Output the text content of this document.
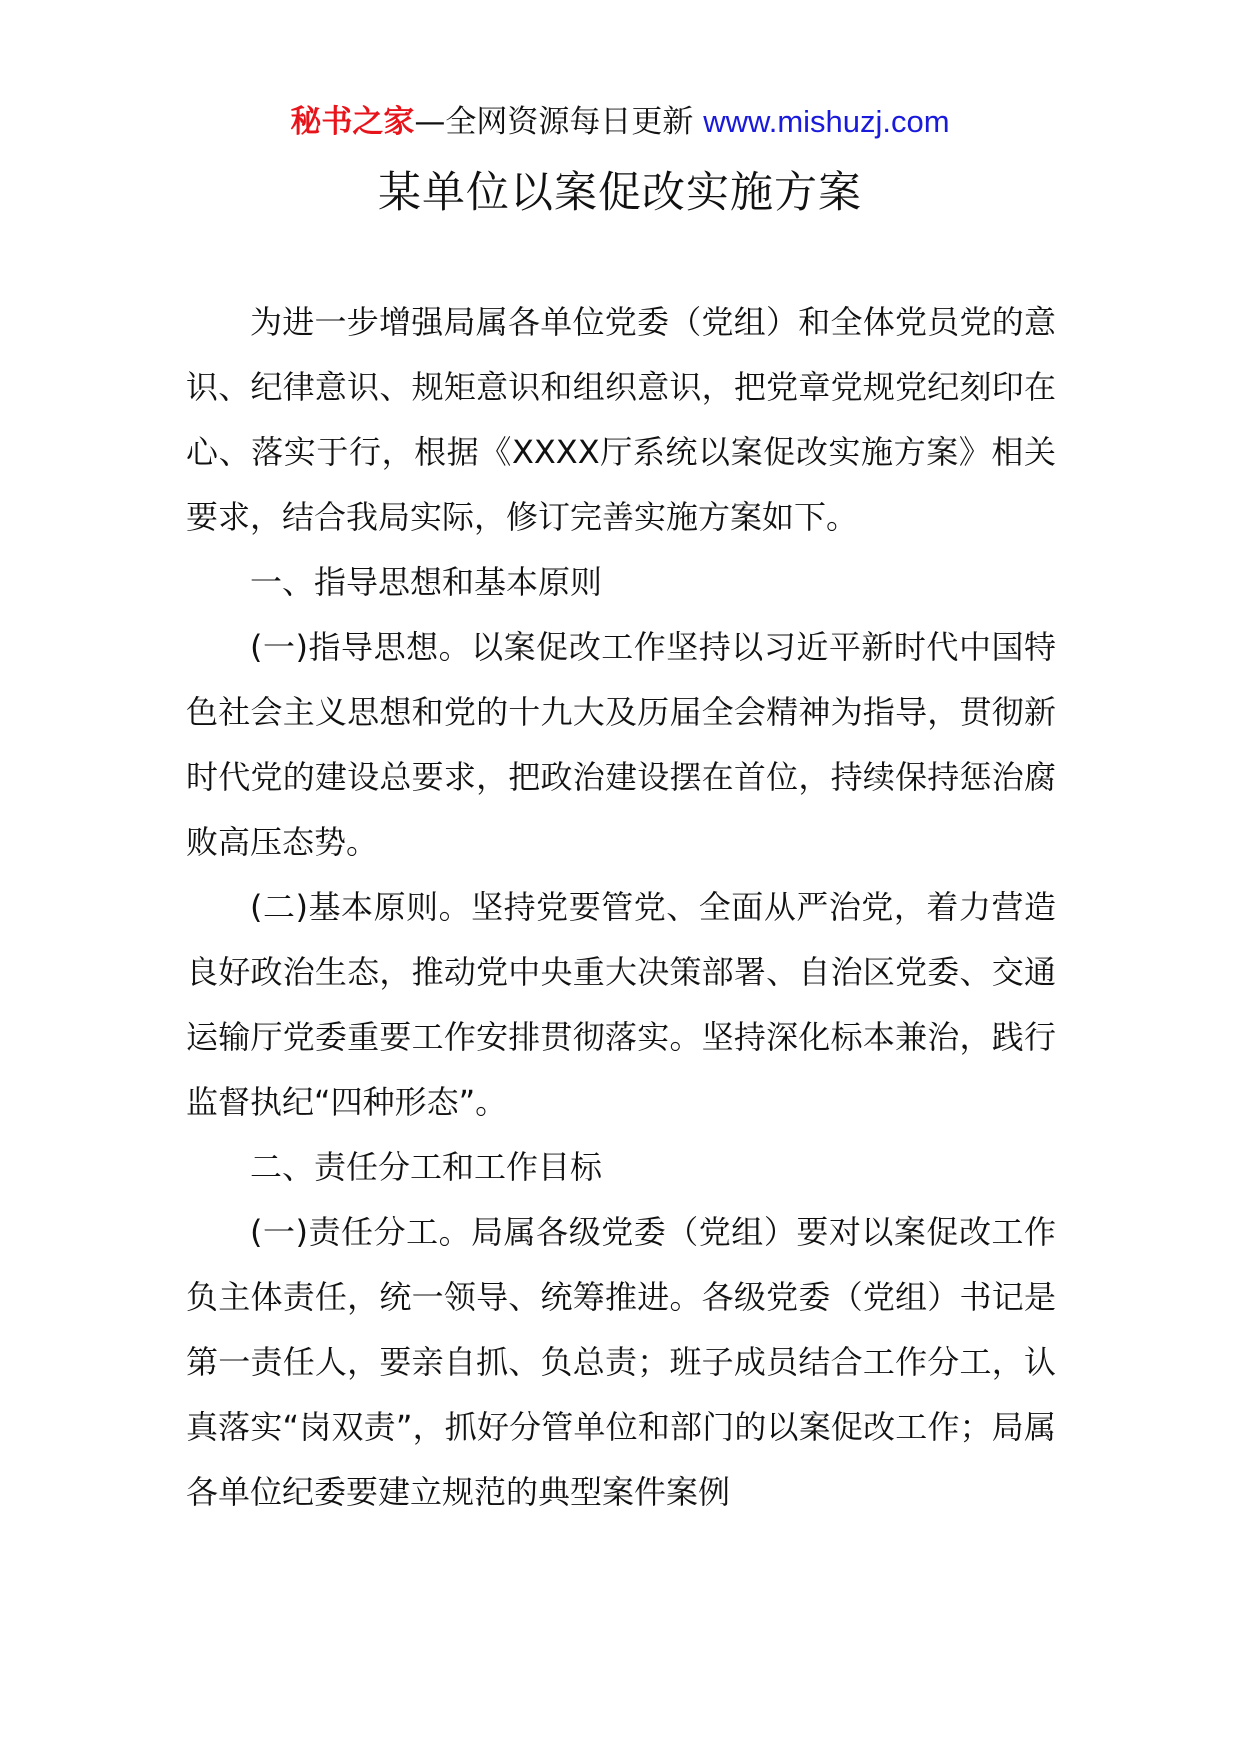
秘书之家—全网资源每日更新 www.mishuzj.com
某单位以案促改实施方案

为进一步增强局属各单位党委（党组）和全体党员党的意识、纪律意识、规矩意识和组织意识，把党章党规党纪刻印在心、落实于行，根据《XXXX厅系统以案促改实施方案》相关要求，结合我局实际，修订完善实施方案如下。

一、指导思想和基本原则

(一)指导思想。以案促改工作坚持以习近平新时代中国特色社会主义思想和党的十九大及历届全会精神为指导，贯彻新时代党的建设总要求，把政治建设摆在首位，持续保持惩治腐败高压态势。

(二)基本原则。坚持党要管党、全面从严治党，着力营造良好政治生态，推动党中央重大决策部署、自治区党委、交通运输厅党委重要工作安排贯彻落实。坚持深化标本兼治，践行监督执纪“四种形态”。

二、责任分工和工作目标

(一)责任分工。局属各级党委（党组）要对以案促改工作负主体责任，统一领导、统筹推进。各级党委（党组）书记是第一责任人，要亲自抓、负总责；班子成员结合工作分工，认真落实“岗双责”，抓好分管单位和部门的以案促改工作；局属各单位纪委要建立规范的典型案件案例
